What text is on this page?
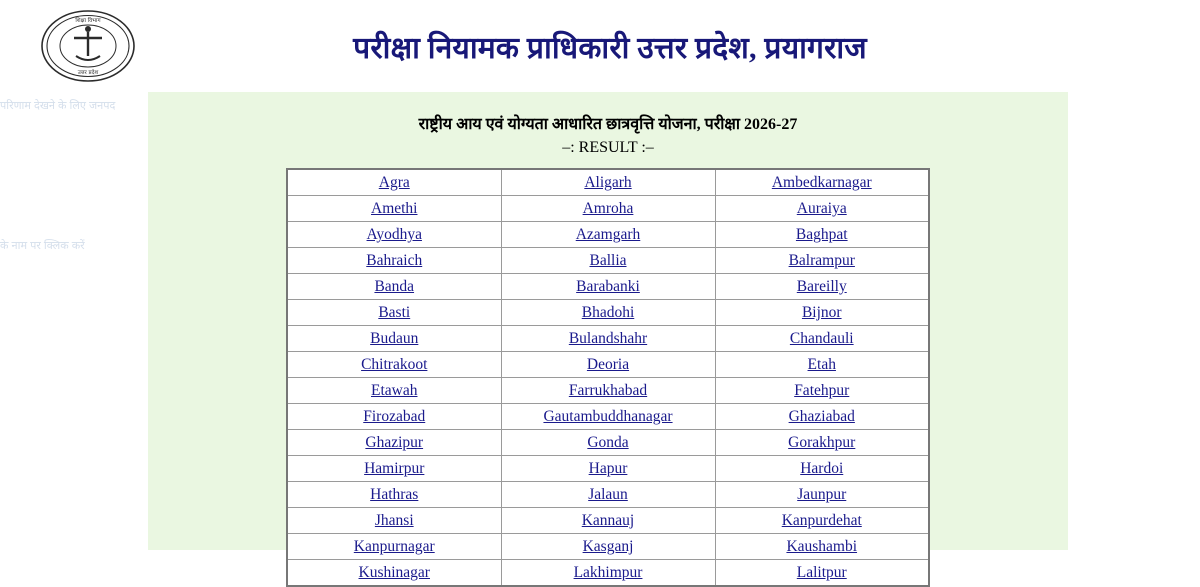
परिणाम देखने के लिए जनपद
के नाम पर क्लिक करें
शिक्षा विभाग
उत्तर प्रदेश
परीक्षा नियामक प्राधिकारी उत्तर प्रदेश, प्रयागराज
राष्ट्रीय आय एवं योग्यता आधारित छात्रवृत्ति योजना, परीक्षा 2026-27
–: RESULT :–
Agra	Aligarh	Ambedkarnagar
Amethi	Amroha	Auraiya
Ayodhya	Azamgarh	Baghpat
Bahraich	Ballia	Balrampur
Banda	Barabanki	Bareilly
Basti	Bhadohi	Bijnor
Budaun	Bulandshahr	Chandauli
Chitrakoot	Deoria	Etah
Etawah	Farrukhabad	Fatehpur
Firozabad	Gautambuddhanagar	Ghaziabad
Ghazipur	Gonda	Gorakhpur
Hamirpur	Hapur	Hardoi
Hathras	Jalaun	Jaunpur
Jhansi	Kannauj	Kanpurdehat
Kanpurnagar	Kasganj	Kaushambi
Kushinagar	Lakhimpur	Lalitpur
